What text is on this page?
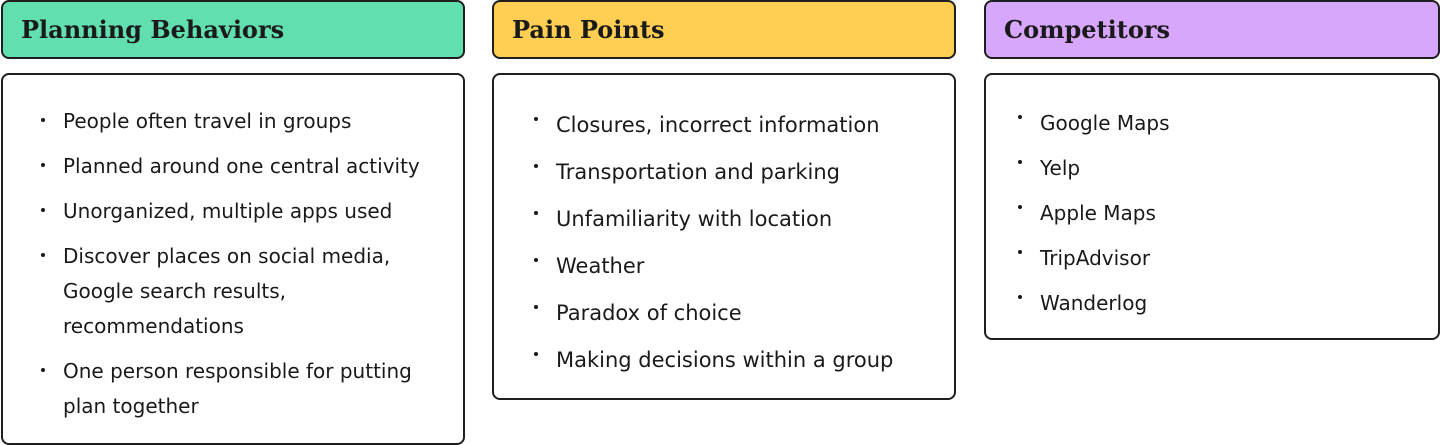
Planning Behaviors
People often travel in groups
Planned around one central activity
Unorganized, multiple apps used
Discover places on social media, Google search results, recommendations
One person responsible for putting plan together
Pain Points
Closures, incorrect information
Transportation and parking
Unfamiliarity with location
Weather
Paradox of choice
Making decisions within a group
Competitors
Google Maps
Yelp
Apple Maps
TripAdvisor
Wanderlog
